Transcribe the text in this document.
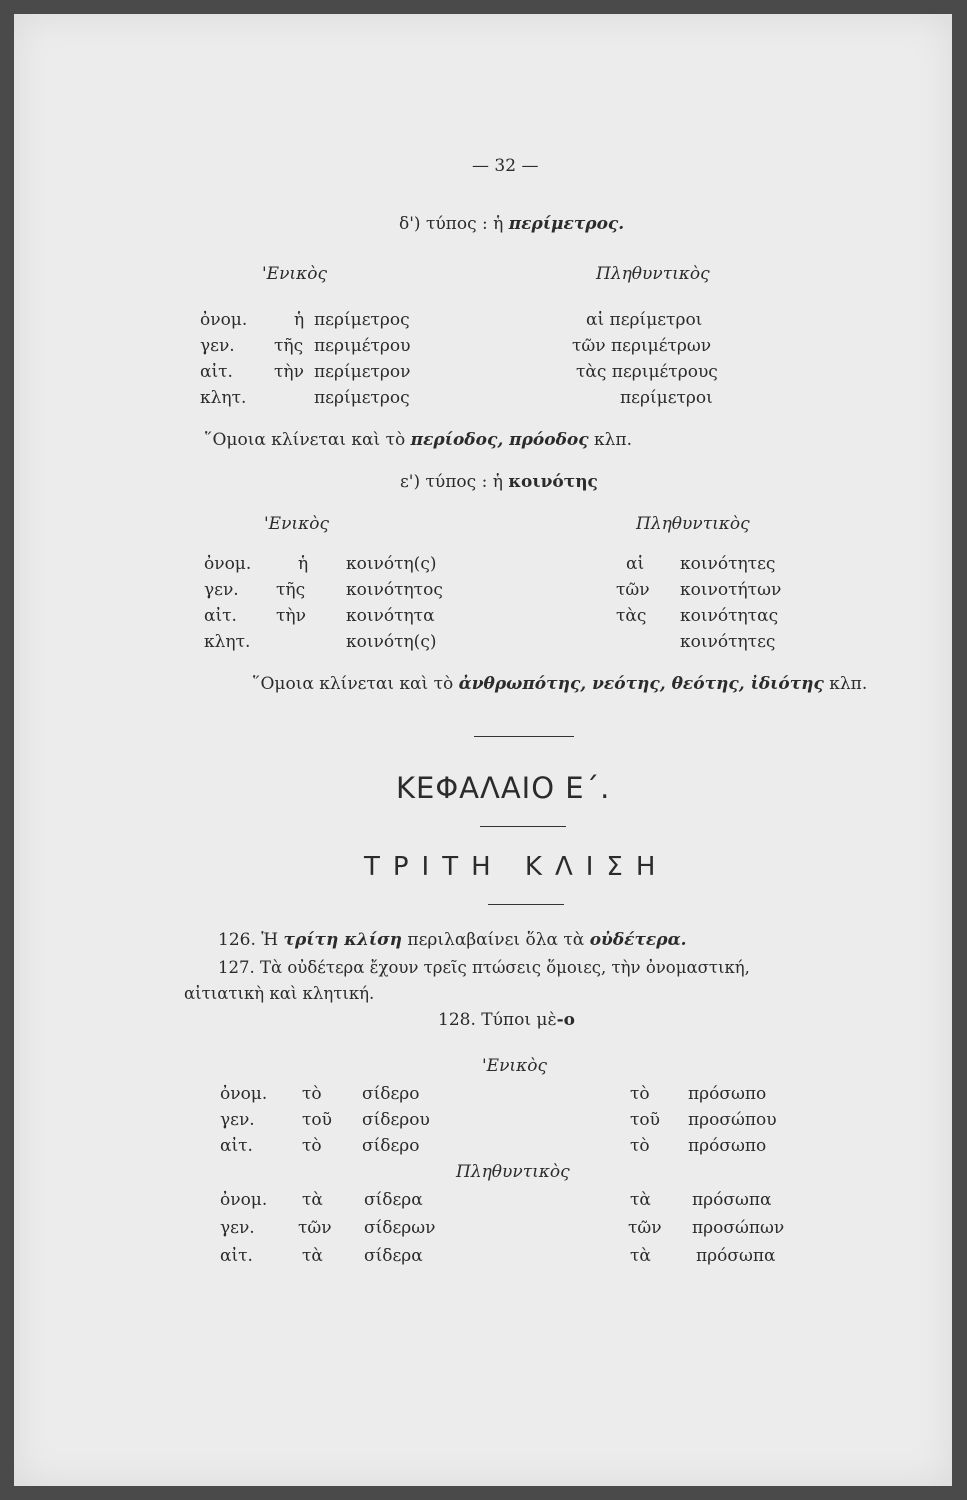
— 32 —
δ') τύπος : ἡ περίμετρος.
'Ενικὸς	Πληθυντικὸς
ὀνομ.	ἡ περίμετρος	αἱ περίμετροι
γεν. τῆς περιμέτρου	τῶν περιμέτρων
αἰτ. τὴν περίμετρον	τὰς περιμέτρους
κλητ.	περίμετρος	περίμετροι
῞Ομοια κλίνεται καὶ τὸ περίοδος, πρόοδος κλπ.
ε') τύπος : ἡ κοινότης
'Ενικὸς	Πληθυντικὸς
ὀνομ.	ἡ κοινότη(ς)	αἱ κοινότητες
γεν. τῆς κοινότητος	τῶν κοινοτήτων
αἰτ. τὴν κοινότητα	τὰς κοινότητας
κλητ.	κοινότη(ς)	κοινότητες
῞Ομοια κλίνεται καὶ τὸ ἀνθρωπότης, νεότης, θεότης, ἰδιότης κλπ.
ΚΕΦΑΛΑΙΟ Ε΄.
ΤΡΙΤΗ ΚΛΙΣΗ
126. Ἡ τρίτη κλίση περιλαβαίνει ὅλα τὰ οὐδέτερα.
127. Τὰ οὐδέτερα ἔχουν τρεῖς πτώσεις ὅμοιες, τὴν ὀνομαστική,
αἰτιατικὴ καὶ κλητική.
128. Τύποι μὲ-ο
'Ενικὸς
ὀνομ. τὸ σίδερο	τὸ πρόσωπο
γεν.	τοῦ σίδερου	τοῦ προσώπου
αἰτ.	τὸ σίδερο	τὸ πρόσωπο
Πληθυντικὸς
ὀνομ. τὰ σίδερα	τὰ πρόσωπα
γεν.	τῶν σίδερων	τῶν προσώπων
αἰτ.	τὰ σίδερα	τὰ	πρόσωπα
